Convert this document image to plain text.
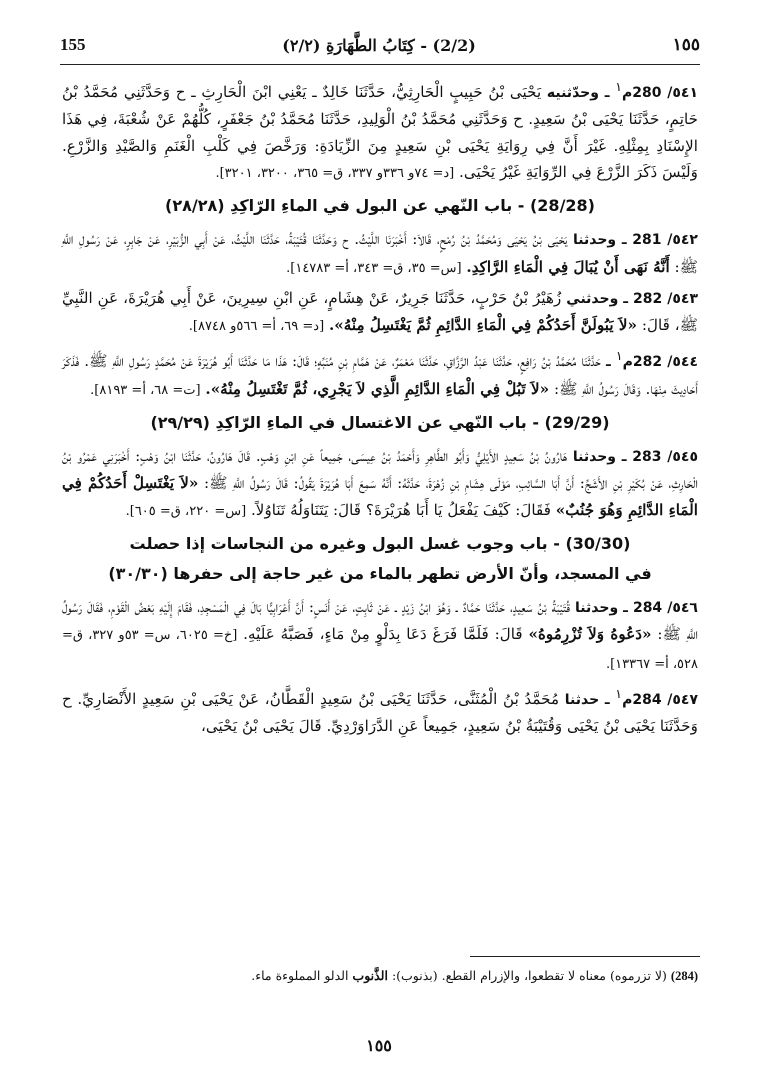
155	(2/2) - كِتَابُ الطَّهَارَةِ (٢/٢)	١٥٥

٥٤١/ 280م$^١$ ـ وحدّثنيه يَحْيَى بْنُ حَبِيبٍ الْحَارِثِيُّ، حَدَّثَنَا خَالِدٌ ـ يَعْنِي ابْنَ الْحَارِثِ ـ ح وَحَدَّثَنِي مُحَمَّدُ بْنُ حَاتِمٍ، حَدَّثَنَا يَحْيَى بْنُ سَعِيدٍ. ح وَحَدَّثَنِي مُحَمَّدُ بْنُ الْوَلِيدِ، حَدَّثَنَا مُحَمَّدُ بْنُ جَعْفَرٍ، كُلُّهُمْ عَنْ شُعْبَةَ، فِي هَذَا الإِسْنَادِ بِمِثْلِهِ. غَيْرَ أَنَّ فِي رِوَايَةِ يَحْيَى بْنِ سَعِيدٍ مِنَ الزِّيَادَةِ: وَرَخَّصَ فِي كَلْبِ الْغَنَمِ وَالصَّيْدِ وَالزَّرْعِ. وَلَيْسَ ذَكَرَ الزَّرْعَ فِي الرِّوَايَةِ غَيْرُ يَحْيَى. [د= ٧٤و ٣٣٦و ٣٣٧، ق= ٣٦٥، ٣٢٠٠، ٣٢٠١].

(28/28) - باب النّهي عن البول في الماءِ الرّاكِدِ (٢٨/٢٨)

٥٤٢/ 281 ـ وحدثنا يَحْيَى بْنُ يَحْيَى وَمُحَمَّدُ بْنُ رُمْحٍ، قَالاَ: أَخْبَرَنَا اللَّيْثُ. ح وَحَدَّثَنَا قُتَيْبَةُ، حَدَّثَنَا اللَّيْثُ، عَنْ أَبِي الزُّبَيْرِ، عَنْ جَابِرٍ، عَنْ رَسُولِ اللَّهِ ﷺ: أَنَّهُ نَهَى أَنْ يُبَالَ فِي الْمَاءِ الرَّاكِدِ. [س= ٣٥، ق= ٣٤٣، أ= ١٤٧٨٣].

٥٤٣/ 282 ـ وحدثني زُهَيْرُ بْنُ حَرْبٍ، حَدَّثَنَا جَرِيرٌ، عَنْ هِشَامٍ، عَنِ ابْنِ سِيرِينَ، عَنْ أَبِي هُرَيْرَةَ، عَنِ النَّبِيِّ ﷺ، قَالَ: «لاَ يَبُولَنَّ أَحَدُكُمْ فِي الْمَاءِ الدَّائِمِ ثُمَّ يَغْتَسِلُ مِنْهُ». [د= ٦٩، أ= ٥٦٦و ٨٧٤٨].

٥٤٤/ 282م$^١$ ـ حَدَّثَنَا مُحَمَّدُ بْنُ رَافِعٍ، حَدَّثَنَا عَبْدُ الرَّزَّاقِ، حَدَّثَنَا مَعْمَرٌ، عَنْ هَمَّامِ بْنِ مُنَبِّهٍ؛ قَالَ: هَذَا مَا حَدَّثَنَا أَبُو هُرَيْرَةَ عَنْ مُحَمَّدٍ رَسُولِ اللَّهِ ﷺ. فَذَكَرَ أَحَادِيثَ مِنْهَا. وَقَالَ رَسُولُ اللَّهِ ﷺ: «لاَ تَبُلْ فِي الْمَاءِ الدَّائِمِ الَّذِي لاَ يَجْرِي، ثُمَّ تَغْتَسِلُ مِنْهُ». [ت= ٦٨، أ= ٨١٩٣].

(29/29) - باب النّهي عن الاغتسال في الماءِ الرّاكِدِ (٢٩/٢٩)

٥٤٥/ 283 ـ وحدثنا هَارُونُ بْنُ سَعِيدٍ الأَيْلِيُّ وَأَبُو الطَّاهِرِ وَأَحْمَدُ بْنُ عِيسَى، جَمِيعاً عَنِ ابْنِ وَهْبٍ. قَالَ هَارُونُ، حَدَّثَنَا ابْنُ وَهْبٍ: أَخْبَرَنِي عَمْرُو بْنُ الْحَارِثِ، عَنْ بُكَيْرِ بْنِ الأَشَجِّ: أَنَّ أَبَا السَّائِبِ، مَوْلَى هِشَامِ بْنِ زُهْرَةَ، حَدَّثَهُ: أَنَّهُ سَمِعَ أَبَا هُرَيْرَةَ يَقُولُ: قَالَ رَسُولُ اللَّهِ ﷺ: «لاَ يَغْتَسِلْ أَحَدُكُمْ فِي الْمَاءِ الدَّائِمِ وَهُوَ جُنُبٌ» فَقَالَ: كَيْفَ يَفْعَلُ يَا أَبَا هُرَيْرَةَ؟ قَالَ: يَتَنَاوَلُهُ تَنَاوُلاً. [س= ٢٢٠، ق= ٦٠٥].

(30/30) - باب وجوب غسل البول وغيره من النجاسات إذا حصلت
في المسجد، وأنّ الأرض تطهر بالماء من غير حاجة إلى حفرها (٣٠/٣٠)

٥٤٦/ 284 ـ وحدثنا قُتَيْبَةُ بْنُ سَعِيدٍ، حَدَّثَنَا حَمَّادٌ ـ وَهُوَ ابْنُ زَيْدٍ ـ عَنْ ثَابِتٍ، عَنْ أَنَسٍ: أَنَّ أَعْرَابِيًّا بَالَ فِي الْمَسْجِدِ، فَقَامَ إِلَيْهِ بَعْضُ الْقَوْمِ، فَقَالَ رَسُولُ اللَّهِ ﷺ: «دَعُوهُ وَلاَ تُزْرِمُوهُ» قَالَ: فَلَمَّا فَرَغَ دَعَا بِدَلْوٍ مِنْ مَاءٍ، فَصَبَّهُ عَلَيْهِ. [خ= ٦٠٢٥، س= ٥٣و ٣٢٧، ق= ٥٢٨، أ= ١٣٣٦٧].

٥٤٧/ 284م$^١$ ـ حدثنا مُحَمَّدُ بْنُ الْمُثَنَّى، حَدَّثَنَا يَحْيَى بْنُ سَعِيدٍ الْقَطَّانُ، عَنْ يَحْيَى بْنِ سَعِيدٍ الأَنْصَارِيِّ. ح وَحَدَّثَنَا يَحْيَى بْنُ يَحْيَى وَقُتَيْبَةُ بْنُ سَعِيدٍ، جَمِيعاً عَنِ الدَّرَاوَرْدِيِّ. قَالَ يَحْيَى بْنُ يَحْيَى،

(284) (لا تزرموه) معناه لا تقطعوا، والإزرام القطع. (بذنوب): الذَّنوب الدلو المملوءة ماء.
١٥٥
